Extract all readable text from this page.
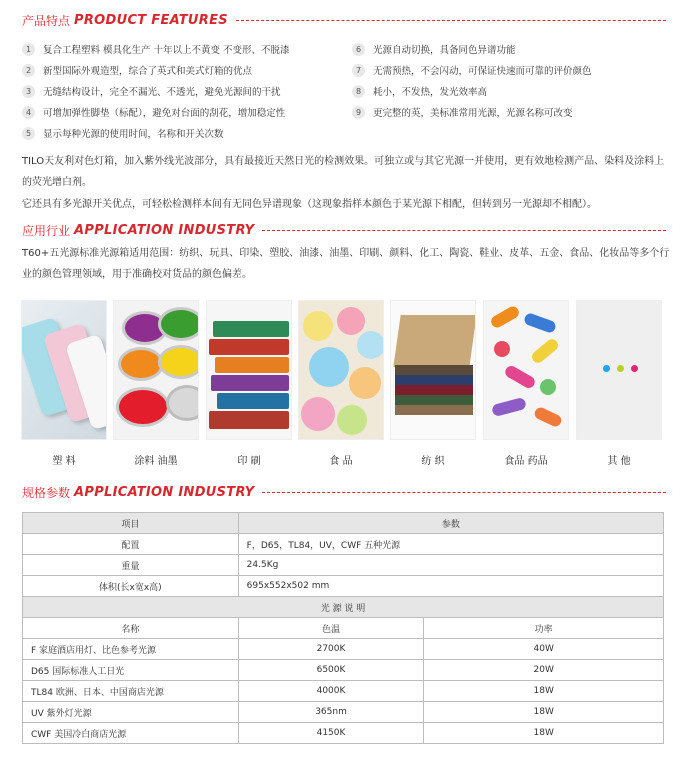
产品特点 PRODUCT FEATURES
1	复合工程塑料 模具化生产 十年以上不黄变 不变形、不脱漆
2	新型国际外观造型，综合了英式和美式灯箱的优点
3	无缝结构设计，完全不漏光、不透光，避免光源间的干扰
4	可增加弹性脚垫（标配），避免对台面的刮花，增加稳定性
5	显示每种光源的使用时间，名称和开关次数
6	光源自动切换，具备同色异谱功能
7	无需预热，不会闪动，可保证快速而可靠的评价颜色
8	耗小，不发热，发光效率高
9	更完整的英，美标准常用光源，光源名称可改变
TILO天友利对色灯箱，加入紫外线光波部分，具有最接近天然日光的检测效果。可独立或与其它光源一并使用，更有效地检测产品、染料及涂料上的荧光增白剂。
它还具有多光源开关优点，可轻松检测样本间有无同色异谱现象（这现象指样本颜色于某光源下相配，但转到另一光源却不相配）。
应用行业 APPLICATION INDUSTRY
T60+五光源标准光源箱适用范围：纺织、玩具、印染、塑胶、油漆、油墨、印刷、颜料、化工、陶瓷、鞋业、皮革、五金、食品、化妆品等多个行业的颜色管理领域，用于准确校对货品的颜色偏差。
塑 料	涂料 油墨	印 刷	食 品	纺 织	食品 药品	其 他
规格参数 APPLICATION INDUSTRY
项目	参数	
配置	F，D65，TL84，UV，CWF 五种光源	
重量	24.5Kg	
体积(长x宽x高)	695x552x502 mm	
光 源 说 明		
名称	色温	功率
F 家庭酒店用灯、比色参考光源	2700K	40W
D65 国际标准人工日光	6500K	20W
TL84 欧洲、日本、中国商店光源	4000K	18W
UV 紫外灯光源	365nm	18W
CWF 美国冷白商店光源	4150K	18W
